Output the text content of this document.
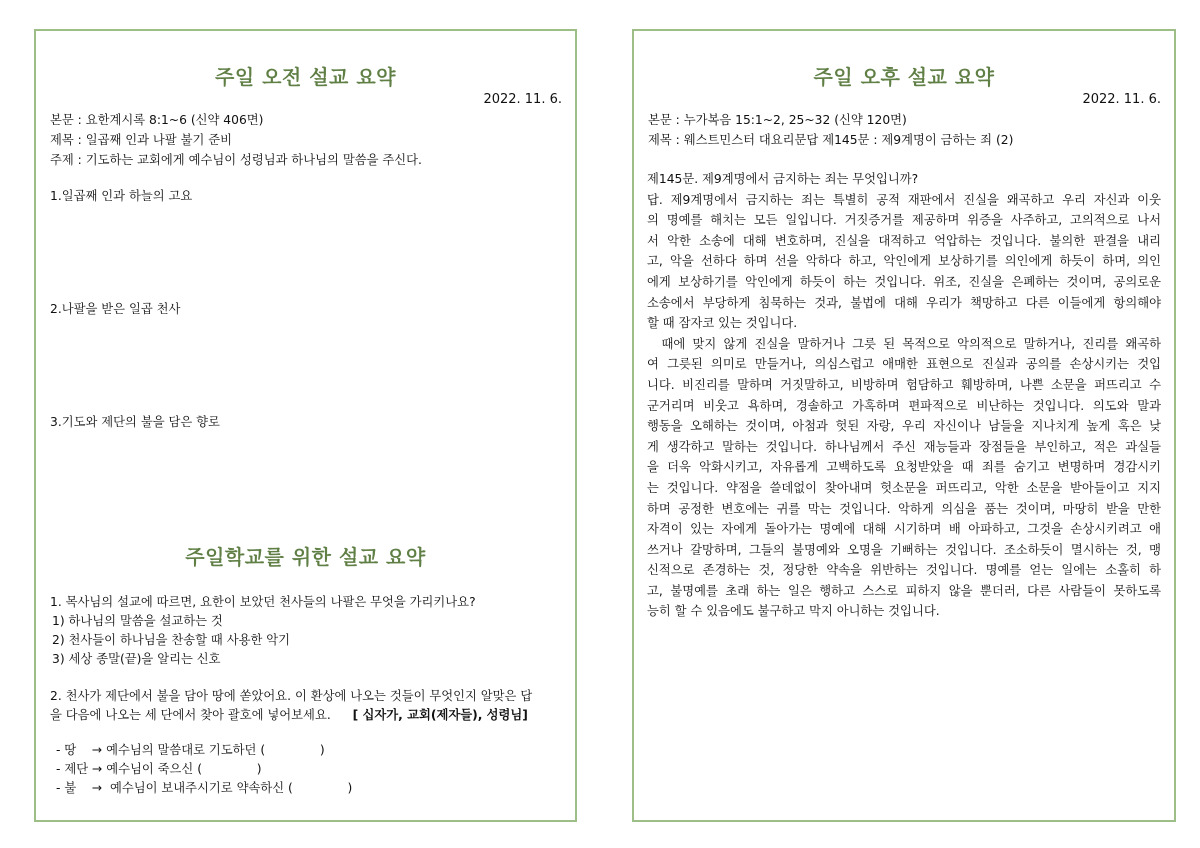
주일 오전 설교 요약
2022. 11. 6.
본문 : 요한계시록 8:1~6 (신약 406면)
제목 : 일곱째 인과 나팔 불기 준비
주제 : 기도하는 교회에게 예수님이 성령님과 하나님의 말씀을 주신다.
1.일곱째 인과 하늘의 고요
2.나팔을 받은 일곱 천사
3.기도와 제단의 불을 담은 향로
주일학교를 위한 설교 요약
1. 목사님의 설교에 따르면, 요한이 보았던 천사들의 나팔은 무엇을 가리키나요?
1) 하나님의 말씀을 설교하는 것
2) 천사들이 하나님을 찬송할 때 사용한 악기
3) 세상 종말(끝)을 알리는 신호
2. 천사가 제단에서 불을 담아 땅에 쏟았어요. 이 환상에 나오는 것들이 무엇인지 알맞은 답
을 다음에 나오는 세 단에서 찾아 괄호에 넣어보세요. [ 십자가, 교회(제자들), 성령님]
- 땅    → 예수님의 말씀대로 기도하던 (              )
- 제단 → 예수님이 죽으신 (              )
- 불    →  예수님이 보내주시기로 약속하신 (              )
주일 오후 설교 요약
2022. 11. 6.
본문 : 누가복음 15:1~2, 25~32 (신약 120면)
제목 : 웨스트민스터 대요리문답 제145문 : 제9계명이 금하는 죄 (2)
제145문. 제9계명에서 금지하는 죄는 무엇입니까?
답. 제9계명에서 금지하는 죄는 특별히 공적 재판에서 진실을 왜곡하고 우리 자신과 이웃
의 명예를 해치는 모든 일입니다. 거짓증거를 제공하며 위증을 사주하고, 고의적으로 나서
서 악한 소송에 대해 변호하며, 진실을 대적하고 억압하는 것입니다. 불의한 판결을 내리
고, 악을 선하다 하며 선을 악하다 하고, 악인에게 보상하기를 의인에게 하듯이 하며, 의인
에게 보상하기를 악인에게 하듯이 하는 것입니다. 위조, 진실을 은폐하는 것이며, 공의로운
소송에서 부당하게 침묵하는 것과, 불법에 대해 우리가 책망하고 다른 이들에게 항의해야
할 때 잠자코 있는 것입니다.
때에 맞지 않게 진실을 말하거나 그릇 된 목적으로 악의적으로 말하거나, 진리를 왜곡하
여 그릇된 의미로 만들거나, 의심스럽고 애매한 표현으로 진실과 공의를 손상시키는 것입
니다. 비진리를 말하며 거짓말하고, 비방하며 험담하고 훼방하며, 나쁜 소문을 퍼뜨리고 수
군거리며 비웃고 욕하며, 경솔하고 가혹하며 편파적으로 비난하는 것입니다. 의도와 말과
행동을 오해하는 것이며, 아첨과 헛된 자랑, 우리 자신이나 남들을 지나치게 높게 혹은 낮
게 생각하고 말하는 것입니다. 하나님께서 주신 재능들과 장점들을 부인하고, 적은 과실들
을 더욱 악화시키고, 자유롭게 고백하도록 요청받았을 때 죄를 숨기고 변명하며 경감시키
는 것입니다. 약점을 쓸데없이 찾아내며 헛소문을 퍼뜨리고, 악한 소문을 받아들이고 지지
하며 공정한 변호에는 귀를 막는 것입니다. 악하게 의심을 품는 것이며, 마땅히 받을 만한
자격이 있는 자에게 돌아가는 명예에 대해 시기하며 배 아파하고, 그것을 손상시키려고 애
쓰거나 갈망하며, 그들의 불명예와 오명을 기뻐하는 것입니다. 조소하듯이 멸시하는 것, 맹
신적으로 존경하는 것, 정당한 약속을 위반하는 것입니다. 명예를 얻는 일에는 소홀히 하
고, 불명예를 초래 하는 일은 행하고 스스로 피하지 않을 뿐더러, 다른 사람들이 못하도록
능히 할 수 있음에도 불구하고 막지 아니하는 것입니다.
